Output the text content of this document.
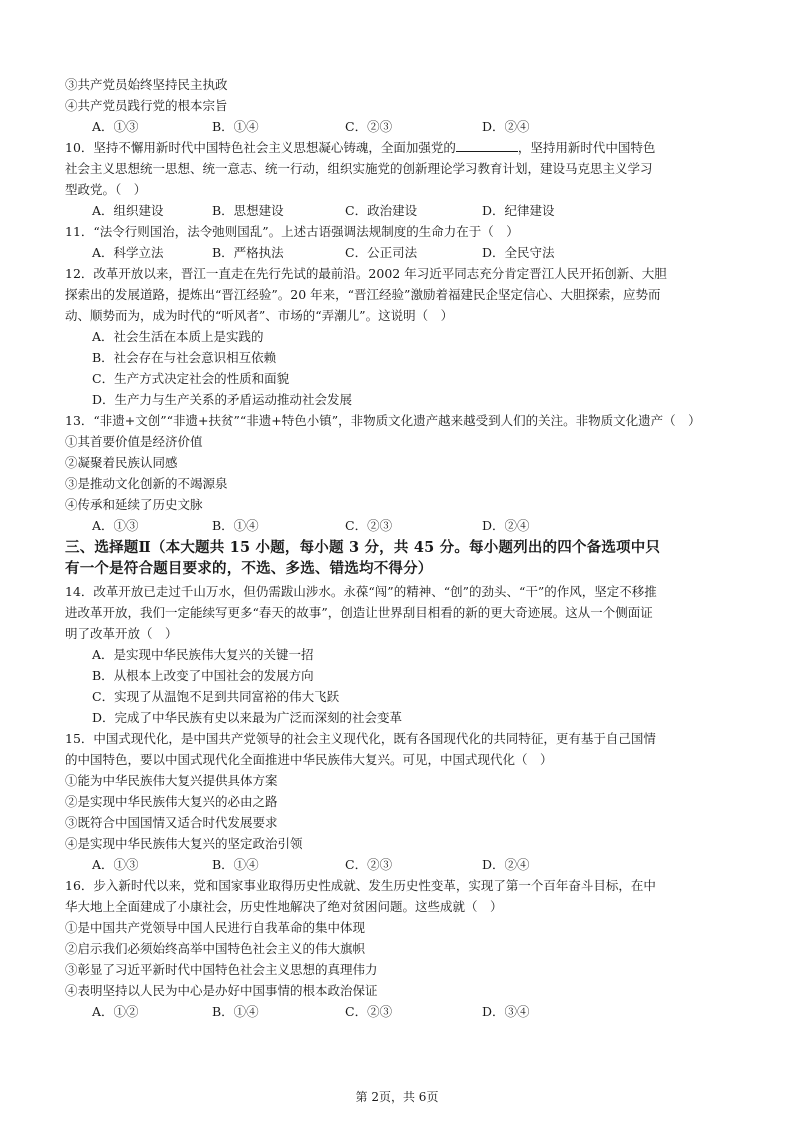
③共产党员始终坚持民主执政
④共产党员践行党的根本宗旨
A．①③	B．①④	C．②③	D．②④
10．坚持不懈用新时代中国特色社会主义思想凝心铸魂，全面加强党的	，坚持用新时代中国特色
社会主义思想统一思想、统一意志、统一行动，组织实施党的创新理论学习教育计划，建设马克思主义学习
型政党。（　）
A．组织建设	B．思想建设	C．政治建设	D．纪律建设
11．“法令行则国治，法令弛则国乱”。上述古语强调法规制度的生命力在于（　）
A．科学立法	B．严格执法	C．公正司法	D．全民守法
12．改革开放以来，晋江一直走在先行先试的最前沿。2002 年习近平同志充分肯定晋江人民开拓创新、大胆
探索出的发展道路，提炼出“晋江经验”。20 年来，“晋江经验”激励着福建民企坚定信心、大胆探索，应势而
动、顺势而为，成为时代的“听风者”、市场的“弄潮儿”。这说明（　）
A．社会生活在本质上是实践的
B．社会存在与社会意识相互依赖
C．生产方式决定社会的性质和面貌
D．生产力与生产关系的矛盾运动推动社会发展
13．“非遗+文创”“非遗+扶贫”“非遗+特色小镇”，非物质文化遗产越来越受到人们的关注。非物质文化遗产（　）
①其首要价值是经济价值
②凝聚着民族认同感
③是推动文化创新的不竭源泉
④传承和延续了历史文脉
A．①③	B．①④	C．②③	D．②④
三、选择题Ⅱ（本大题共 15 小题，每小题 3 分，共 45 分。每小题列出的四个备选项中只
有一个是符合题目要求的，不选、多选、错选均不得分）
14．改革开放已走过千山万水，但仍需跋山涉水。永葆“闯”的精神、“创”的劲头、“干”的作风，坚定不移推
进改革开放，我们一定能续写更多“春天的故事”，创造让世界刮目相看的新的更大奇迹展。这从一个侧面证
明了改革开放（　）
A．是实现中华民族伟大复兴的关键一招
B．从根本上改变了中国社会的发展方向
C．实现了从温饱不足到共同富裕的伟大飞跃
D．完成了中华民族有史以来最为广泛而深刻的社会变革
15．中国式现代化，是中国共产党领导的社会主义现代化，既有各国现代化的共同特征，更有基于自己国情
的中国特色，要以中国式现代化全面推进中华民族伟大复兴。可见，中国式现代化（　）
①能为中华民族伟大复兴提供具体方案
②是实现中华民族伟大复兴的必由之路
③既符合中国国情又适合时代发展要求
④是实现中华民族伟大复兴的坚定政治引领
A．①③	B．①④	C．②③	D．②④
16．步入新时代以来，党和国家事业取得历史性成就、发生历史性变革，实现了第一个百年奋斗目标，在中
华大地上全面建成了小康社会，历史性地解决了绝对贫困问题。这些成就（　）
①是中国共产党领导中国人民进行自我革命的集中体现
②启示我们必须始终高举中国特色社会主义的伟大旗帜
③彰显了习近平新时代中国特色社会主义思想的真理伟力
④表明坚持以人民为中心是办好中国事情的根本政治保证
A．①②	B．①④	C．②③	D．③④
第 2页，共 6页
